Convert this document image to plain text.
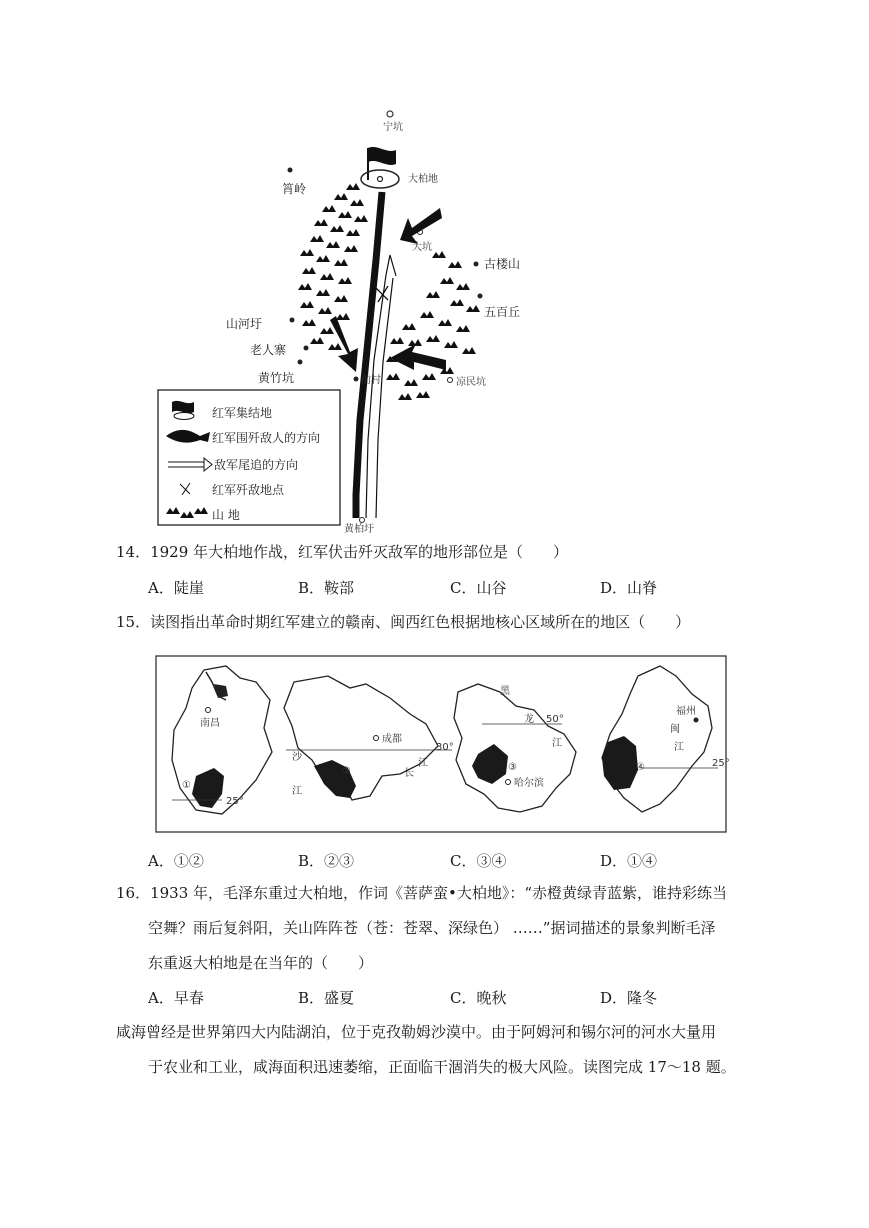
宁坑
大柏地
筲岭
大坑
古楼山
五百丘
山河圩
老人寨
黄竹坑	前村	凉民坑
黄柏圩
红军集结地
红军围歼敌人的方向
敌军尾追的方向
红军歼敌地点
山 地
14．1929 年大柏地作战，红军伏击歼灭敌军的地形部位是（　　）
A．陡崖	B．鞍部	C．山谷	D．山脊
15．读图指出革命时期红军建立的赣南、闽西红色根据地核心区域所在的地区（　　）
南昌
①
25°
成都
②
30°
沙
江
长
江	③
哈尔滨
50°
黑
龙
江
④
福州
25°
闽
江
A．①②	B．②③	C．③④	D．①④
16．1933 年，毛泽东重过大柏地，作词《菩萨蛮•大柏地》：“赤橙黄绿青蓝紫，谁持彩练当
空舞？雨后复斜阳，关山阵阵苍（苍：苍翠、深绿色） ……”据词描述的景象判断毛泽
东重返大柏地是在当年的（　　）
A．早春	B．盛夏	C．晚秋	D．隆冬
咸海曾经是世界第四大内陆湖泊，位于克孜勒姆沙漠中。由于阿姆河和锡尔河的河水大量用
于农业和工业，咸海面积迅速萎缩，正面临干涸消失的极大风险。读图完成 17～18 题。
